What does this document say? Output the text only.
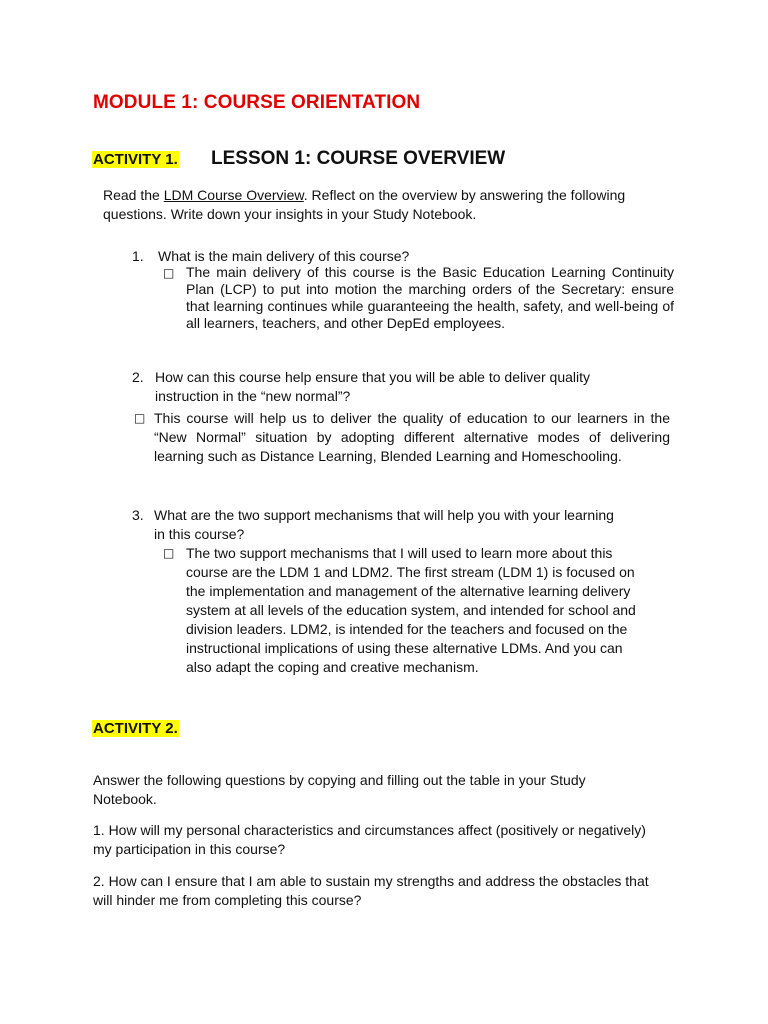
MODULE 1: COURSE ORIENTATION
ACTIVITY 1. LESSON 1: COURSE OVERVIEW

Read the LDM Course Overview. Reflect on the overview by answering the following questions. Write down your insights in your Study Notebook.

1. What is the main delivery of this course?
□ The main delivery of this course is the Basic Education Learning Continuity Plan (LCP) to put into motion the marching orders of the Secretary: ensure that learning continues while guaranteeing the health, safety, and well-being of all learners, teachers, and other DepEd employees.

2. How can this course help ensure that you will be able to deliver quality instruction in the “new normal”?

□ This course will help us to deliver the quality of education to our learners in the “New Normal” situation by adopting different alternative modes of delivering learning such as Distance Learning, Blended Learning and Homeschooling.

3. What are the two support mechanisms that will help you with your learning in this course?

□ The two support mechanisms that I will used to learn more about this course are the LDM 1 and LDM2. The first stream (LDM 1) is focused on the implementation and management of the alternative learning delivery system at all levels of the education system, and intended for school and division leaders. LDM2, is intended for the teachers and focused on the instructional implications of using these alternative LDMs. And you can also adapt the coping and creative mechanism.

ACTIVITY 2.

Answer the following questions by copying and filling out the table in your Study Notebook.

1. How will my personal characteristics and circumstances affect (positively or negatively) my participation in this course?

2. How can I ensure that I am able to sustain my strengths and address the obstacles that will hinder me from completing this course?
